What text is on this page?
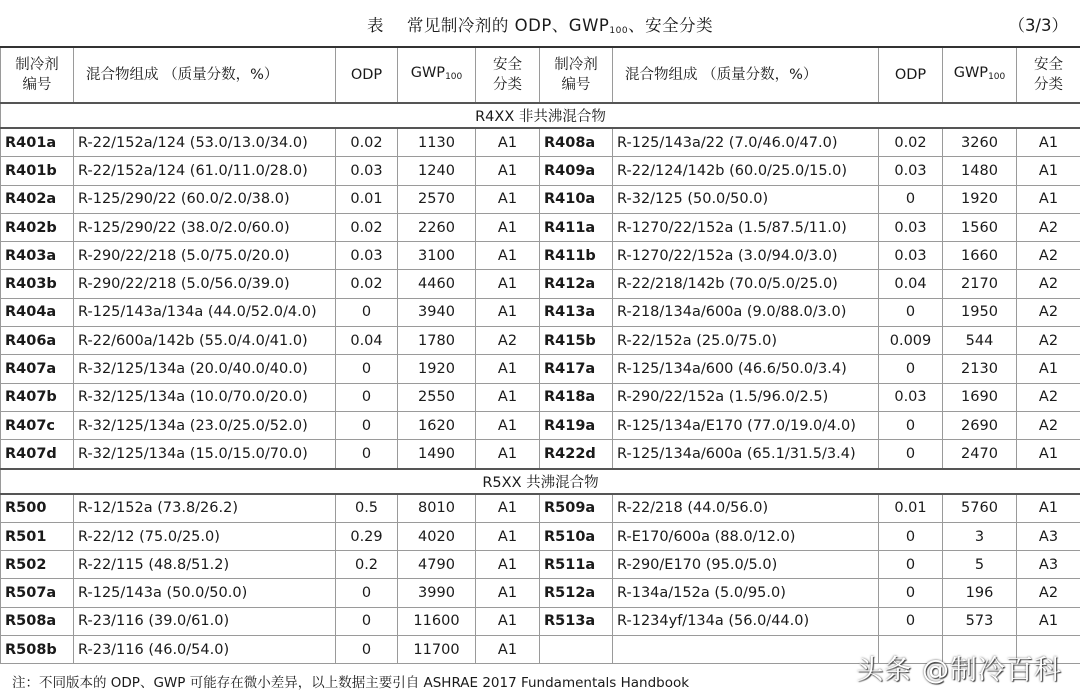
表 常见制冷剂的 ODP、$GWP_{100}$、安全分类	（3/3）
制冷剂
编号	混合物组成 （质量分数，%）	ODP	$GWP_{100}$	安全
分类	制冷剂
编号	混合物组成 （质量分数，%）	ODP	$GWP_{100}$	安全
分类
R4XX 非共沸混合物									
R401a	R-22/152a/124 (53.0/13.0/34.0)	0.02	1130	A1	R408a	R-125/143a/22 (7.0/46.0/47.0)	0.02	3260	A1
R401b	R-22/152a/124 (61.0/11.0/28.0)	0.03	1240	A1	R409a	R-22/124/142b (60.0/25.0/15.0)	0.03	1480	A1
R402a	R-125/290/22 (60.0/2.0/38.0)	0.01	2570	A1	R410a	R-32/125 (50.0/50.0)	0	1920	A1
R402b	R-125/290/22 (38.0/2.0/60.0)	0.02	2260	A1	R411a	R-1270/22/152a (1.5/87.5/11.0)	0.03	1560	A2
R403a	R-290/22/218 (5.0/75.0/20.0)	0.03	3100	A1	R411b	R-1270/22/152a (3.0/94.0/3.0)	0.03	1660	A2
R403b	R-290/22/218 (5.0/56.0/39.0)	0.02	4460	A1	R412a	R-22/218/142b (70.0/5.0/25.0)	0.04	2170	A2
R404a	R-125/143a/134a (44.0/52.0/4.0)	0	3940	A1	R413a	R-218/134a/600a (9.0/88.0/3.0)	0	1950	A2
R406a	R-22/600a/142b (55.0/4.0/41.0)	0.04	1780	A2	R415b	R-22/152a (25.0/75.0)	0.009	544	A2
R407a	R-32/125/134a (20.0/40.0/40.0)	0	1920	A1	R417a	R-125/134a/600 (46.6/50.0/3.4)	0	2130	A1
R407b	R-32/125/134a (10.0/70.0/20.0)	0	2550	A1	R418a	R-290/22/152a (1.5/96.0/2.5)	0.03	1690	A2
R407c	R-32/125/134a (23.0/25.0/52.0)	0	1620	A1	R419a	R-125/134a/E170 (77.0/19.0/4.0)	0	2690	A2
R407d	R-32/125/134a (15.0/15.0/70.0)	0	1490	A1	R422d	R-125/134a/600a (65.1/31.5/3.4)	0	2470	A1
R5XX 共沸混合物									
R500	R-12/152a (73.8/26.2)	0.5	8010	A1	R509a	R-22/218 (44.0/56.0)	0.01	5760	A1
R501	R-22/12 (75.0/25.0)	0.29	4020	A1	R510a	R-E170/600a (88.0/12.0)	0	3	A3
R502	R-22/115 (48.8/51.2)	0.2	4790	A1	R511a	R-290/E170 (95.0/5.0)	0	5	A3
R507a	R-125/143a (50.0/50.0)	0	3990	A1	R512a	R-134a/152a (5.0/95.0)	0	196	A2
R508a	R-23/116 (39.0/61.0)	0	11600	A1	R513a	R-1234yf/134a (56.0/44.0)	0	573	A1
R508b	R-23/116 (46.0/54.0)	0	11700	A1					
注：不同版本的 ODP、GWP 可能存在微小差异，以上数据主要引自 ASHRAE 2017 Fundamentals Handbook	头条 @制冷百科
